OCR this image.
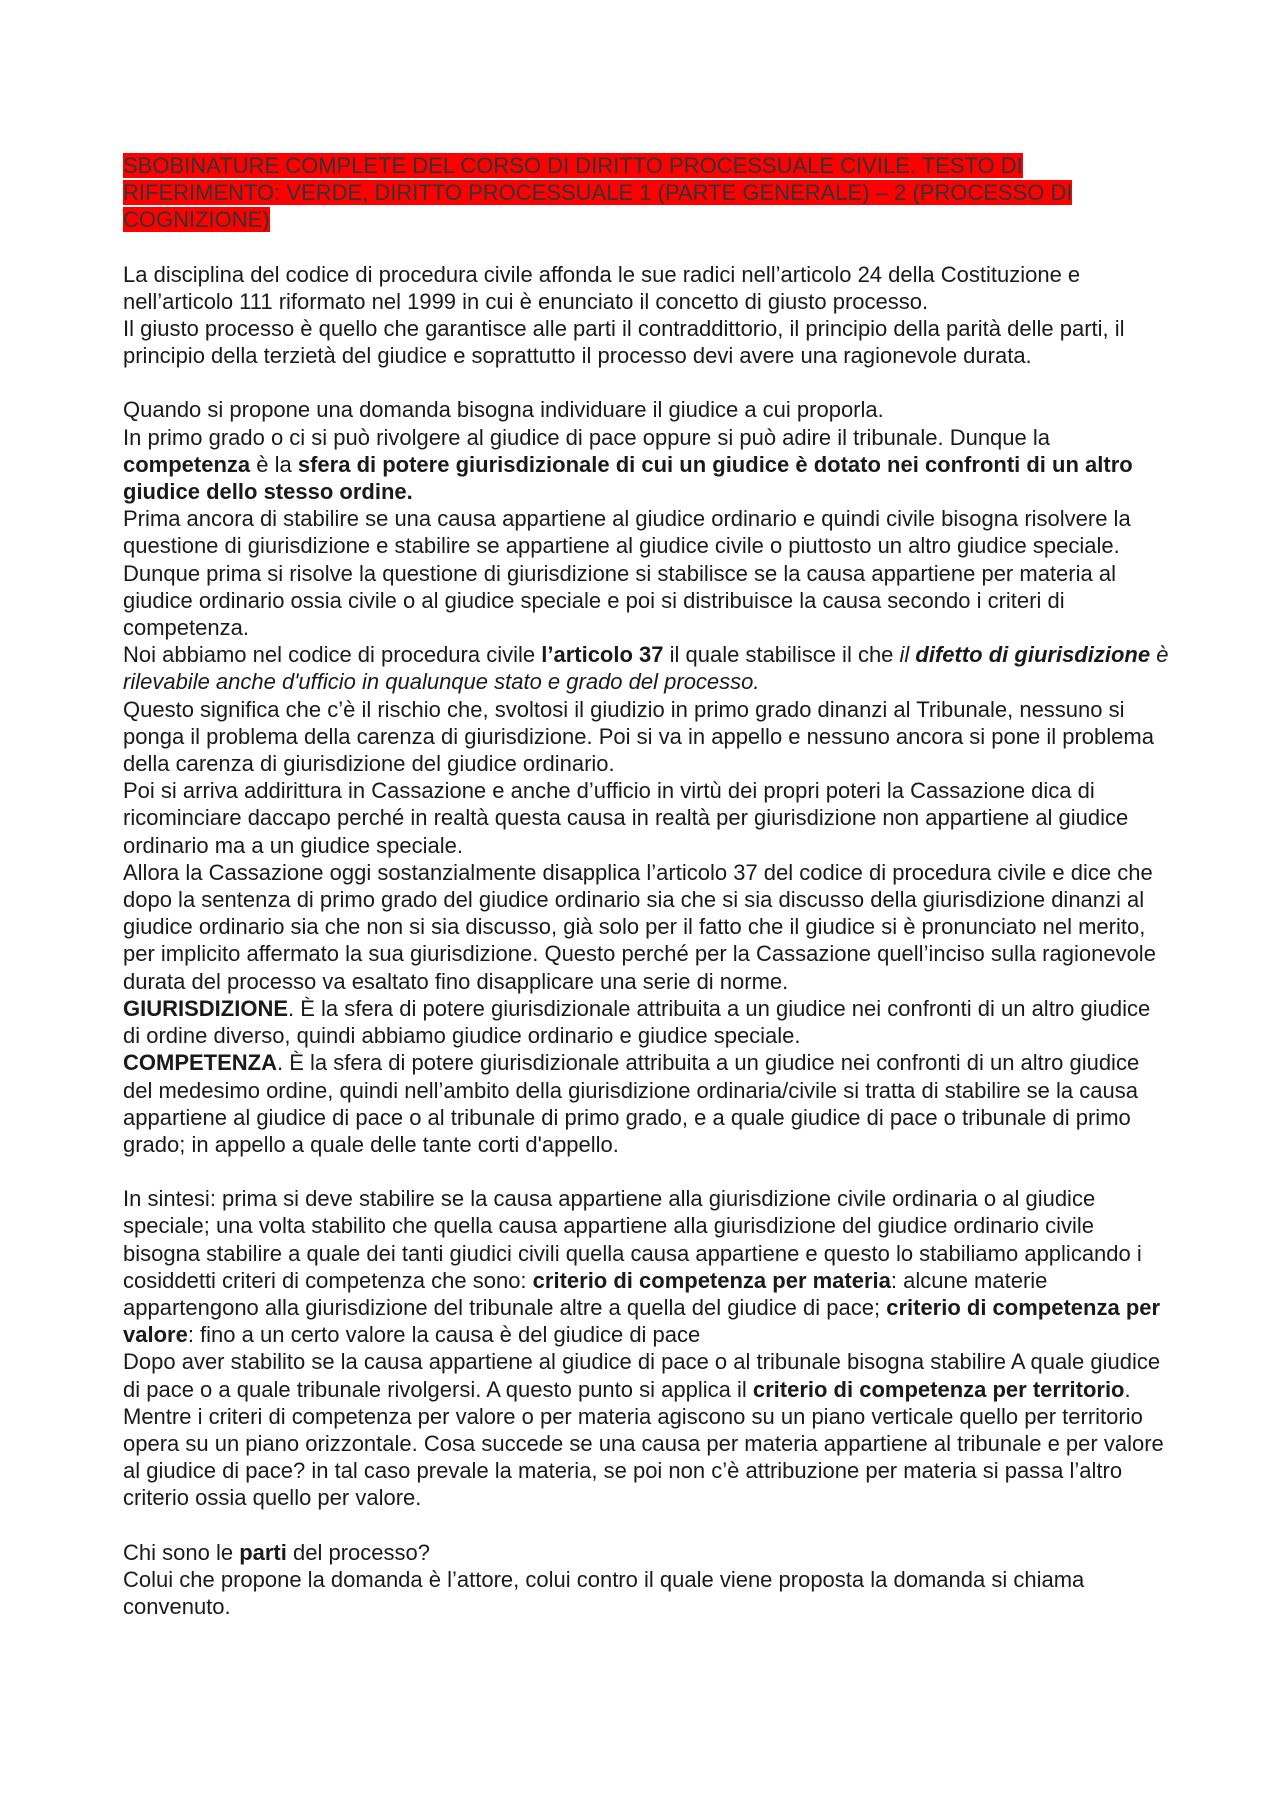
SBOBINATURE COMPLETE DEL CORSO DI DIRITTO PROCESSUALE CIVILE. TESTO DI RIFERIMENTO: VERDE, DIRITTO PROCESSUALE 1 (PARTE GENERALE) – 2 (PROCESSO DI COGNIZIONE)

La disciplina del codice di procedura civile affonda le sue radici nell’articolo 24 della Costituzione e nell’articolo 111 riformato nel 1999 in cui è enunciato il concetto di giusto processo.

Il giusto processo è quello che garantisce alle parti il contraddittorio, il principio della parità delle parti, il principio della terzietà del giudice e soprattutto il processo devi avere una ragionevole durata.

Quando si propone una domanda bisogna individuare il giudice a cui proporla.

In primo grado o ci si può rivolgere al giudice di pace oppure si può adire il tribunale. Dunque la competenza è la sfera di potere giurisdizionale di cui un giudice è dotato nei confronti di un altro giudice dello stesso ordine.

Prima ancora di stabilire se una causa appartiene al giudice ordinario e quindi civile bisogna risolvere la questione di giurisdizione e stabilire se appartiene al giudice civile o piuttosto un altro giudice speciale. Dunque prima si risolve la questione di giurisdizione si stabilisce se la causa appartiene per materia al giudice ordinario ossia civile o al giudice speciale e poi si distribuisce la causa secondo i criteri di competenza.

Noi abbiamo nel codice di procedura civile l’articolo 37 il quale stabilisce il che il difetto di giurisdizione è rilevabile anche d'ufficio in qualunque stato e grado del processo.

Questo significa che c’è il rischio che, svoltosi il giudizio in primo grado dinanzi al Tribunale, nessuno si ponga il problema della carenza di giurisdizione. Poi si va in appello e nessuno ancora si pone il problema della carenza di giurisdizione del giudice ordinario.

Poi si arriva addirittura in Cassazione e anche d’ufficio in virtù dei propri poteri la Cassazione dica di ricominciare daccapo perché in realtà questa causa in realtà per giurisdizione non appartiene al giudice ordinario ma a un giudice speciale.

Allora la Cassazione oggi sostanzialmente disapplica l’articolo 37 del codice di procedura civile e dice che dopo la sentenza di primo grado del giudice ordinario sia che si sia discusso della giurisdizione dinanzi al giudice ordinario sia che non si sia discusso, già solo per il fatto che il giudice si è pronunciato nel merito, per implicito affermato la sua giurisdizione. Questo perché per la Cassazione quell’inciso sulla ragionevole durata del processo va esaltato fino disapplicare una serie di norme.

GIURISDIZIONE. È la sfera di potere giurisdizionale attribuita a un giudice nei confronti di un altro giudice di ordine diverso, quindi abbiamo giudice ordinario e giudice speciale.

COMPETENZA. È la sfera di potere giurisdizionale attribuita a un giudice nei confronti di un altro giudice del medesimo ordine, quindi nell’ambito della giurisdizione ordinaria/civile si tratta di stabilire se la causa appartiene al giudice di pace o al tribunale di primo grado, e a quale giudice di pace o tribunale di primo grado; in appello a quale delle tante corti d'appello.

In sintesi: prima si deve stabilire se la causa appartiene alla giurisdizione civile ordinaria o al giudice speciale; una volta stabilito che quella causa appartiene alla giurisdizione del giudice ordinario civile bisogna stabilire a quale dei tanti giudici civili quella causa appartiene e questo lo stabiliamo applicando i cosiddetti criteri di competenza che sono: criterio di competenza per materia: alcune materie appartengono alla giurisdizione del tribunale altre a quella del giudice di pace; criterio di competenza per valore: fino a un certo valore la causa è del giudice di pace

Dopo aver stabilito se la causa appartiene al giudice di pace o al tribunale bisogna stabilire A quale giudice di pace o a quale tribunale rivolgersi. A questo punto si applica il criterio di competenza per territorio. Mentre i criteri di competenza per valore o per materia agiscono su un piano verticale quello per territorio opera su un piano orizzontale. Cosa succede se una causa per materia appartiene al tribunale e per valore al giudice di pace? in tal caso prevale la materia, se poi non c’è attribuzione per materia si passa l’altro criterio ossia quello per valore.

Chi sono le parti del processo?

Colui che propone la domanda è l’attore, colui contro il quale viene proposta la domanda si chiama convenuto.
